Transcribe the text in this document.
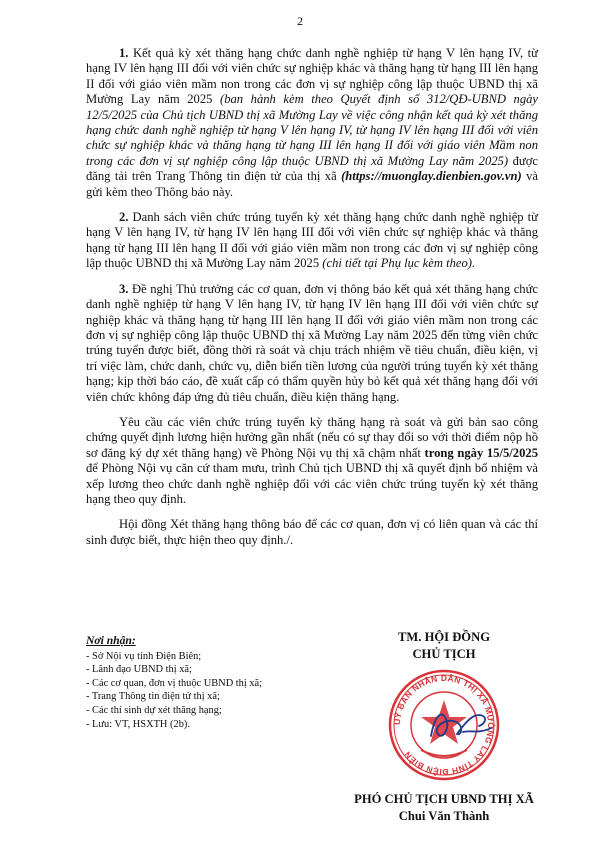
2

1. Kết quả kỳ xét thăng hạng chức danh nghề nghiệp từ hạng V lên hạng IV, từ hạng IV lên hạng III đối với viên chức sự nghiệp khác và thăng hạng từ hạng III lên hạng II đối với giáo viên mầm non trong các đơn vị sự nghiệp công lập thuộc UBND thị xã Mường Lay năm 2025 (ban hành kèm theo Quyết định số 312/QĐ-UBND ngày 12/5/2025 của Chủ tịch UBND thị xã Mường Lay về việc công nhận kết quả kỳ xét thăng hạng chức danh nghề nghiệp từ hạng V lên hạng IV, từ hạng IV lên hạng III đối với viên chức sự nghiệp khác và thăng hạng từ hạng III lên hạng II đối với giáo viên Mầm non trong các đơn vị sự nghiệp công lập thuộc UBND thị xã Mường Lay năm 2025) được đăng tải trên Trang Thông tin điện tử của thị xã (https://muonglay.dienbien.gov.vn) và gửi kèm theo Thông báo này.

2. Danh sách viên chức trúng tuyển kỳ xét thăng hạng chức danh nghề nghiệp từ hạng V lên hạng IV, từ hạng IV lên hạng III đối với viên chức sự nghiệp khác và thăng hạng từ hạng III lên hạng II đối với giáo viên mầm non trong các đơn vị sự nghiệp công lập thuộc UBND thị xã Mường Lay năm 2025 (chi tiết tại Phụ lục kèm theo).

3. Đề nghị Thủ trưởng các cơ quan, đơn vị thông báo kết quả xét thăng hạng chức danh nghề nghiệp từ hạng V lên hạng IV, từ hạng IV lên hạng III đối với viên chức sự nghiệp khác và thăng hạng từ hạng III lên hạng II đối với giáo viên mầm non trong các đơn vị sự nghiệp công lập thuộc UBND thị xã Mường Lay năm 2025 đến từng viên chức trúng tuyển được biết, đồng thời rà soát và chịu trách nhiệm về tiêu chuẩn, điều kiện, vị trí việc làm, chức danh, chức vụ, diễn biến tiền lương của người trúng tuyển kỳ xét thăng hạng; kịp thời báo cáo, đề xuất cấp có thẩm quyền hủy bỏ kết quả xét thăng hạng đối với viên chức không đáp ứng đủ tiêu chuẩn, điều kiện thăng hạng.

Yêu cầu các viên chức trúng tuyển kỳ thăng hạng rà soát và gửi bản sao công chứng quyết định lương hiện hưởng gần nhất (nếu có sự thay đổi so với thời điểm nộp hồ sơ đăng ký dự xét thăng hạng) về Phòng Nội vụ thị xã chậm nhất trong ngày 15/5/2025 để Phòng Nội vụ căn cứ tham mưu, trình Chủ tịch UBND thị xã quyết định bổ nhiệm và xếp lương theo chức danh nghề nghiệp đối với các viên chức trúng tuyển kỳ xét thăng hạng theo quy định.

Hội đồng Xét thăng hạng thông báo để các cơ quan, đơn vị có liên quan và các thí sinh được biết, thực hiện theo quy định./.

Nơi nhận:
- Sở Nội vụ tỉnh Điện Biên;
- Lãnh đạo UBND thị xã;
- Các cơ quan, đơn vị thuộc UBND thị xã;
- Trang Thông tin điện tử thị xã;
- Các thí sinh dự xét thăng hạng;
- Lưu: VT, HSXTH (2b).
TM. HỘI ĐỒNG
CHỦ TỊCH
UỶ BAN NHÂN DÂN THỊ XÃ MƯỜNG LAY TỈNH ĐIỆN BIÊN
PHÓ CHỦ TỊCH UBND THỊ XÃ
Chui Văn Thành
